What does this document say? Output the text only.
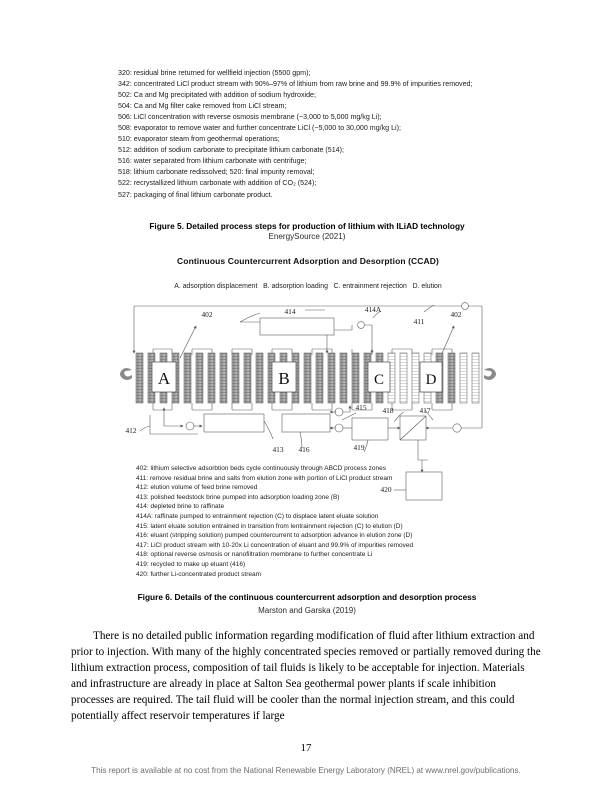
320: residual brine returned for wellfield injection (5500 gpm);
342: concentrated LiCl product stream with 90%–97% of lithium from raw brine and 99.9% of impurities removed;
502: Ca and Mg precipitated with addition of sodium hydroxide;
504: Ca and Mg filter cake removed from LiCl stream;
506: LiCl concentration with reverse osmosis membrane (~3,000 to 5,000 mg/kg Li);
508: evaporator to remove water and further concentrate LiCl (~5,000 to 30,000 mg/kg Li);
510: evaporator steam from geothermal operations;
512: addition of sodium carbonate to precipitate lithium carbonate (514);
516: water separated from lithium carbonate with centrifuge;
518: lithium carbonate redissolved; 520: final impurity removal;
522: recrystallized lithium carbonate with addition of CO₂ (524);
527: packaging of final lithium carbonate product.
Figure 5. Detailed process steps for production of lithium with ILiAD technology
EnergySource (2021)
Continuous Countercurrent Adsorption and Desorption (CCAD)
A. adsorption displacement B. adsorption loading C. entrainment rejection D. elution
A	B	C	D
402	414	414A
411
402
412
413 416
415 418	417
419
420
402: lithium selective adsorbtion beds cycle continuously through ABCD process zones
411: remove residual brine and salts from elution zone with portion of LiCl product stream
412: elution volume of feed brine removed
413: polished feedstock brine pumped into adsorption loading zone (B)
414: depleted brine to raffinate
414A: raffinate pumped to entrainment rejection (C) to displace latent eluate solution
415: latent eluate solution entrained in transition from lentrainment rejection (C) to elution (D)
416: eluant (stripping solution) pumped countercurrent to adsorption advance in elution zone (D)
417: LiCl product stream with 10-20x Li concentration of eluant and 99.9% of impurities removed
418: optional reverse osmosis or nanofiltration membrane to further concentrate Li
419: recycled to make up eluant (416)
420: further Li-concentrated product stream
Figure 6. Details of the continuous countercurrent adsorption and desorption process
Marston and Garska (2019)
There is no detailed public information regarding modification of fluid after lithium extraction and prior to injection. With many of the highly concentrated species removed or partially removed during the lithium extraction process, composition of tail fluids is likely to be acceptable for injection. Materials and infrastructure are already in place at Salton Sea geothermal power plants if scale inhibition processes are required. The tail fluid will be cooler than the normal injection stream, and this could potentially affect reservoir temperatures if large
17
This report is available at no cost from the National Renewable Energy Laboratory (NREL) at www.nrel.gov/publications.
